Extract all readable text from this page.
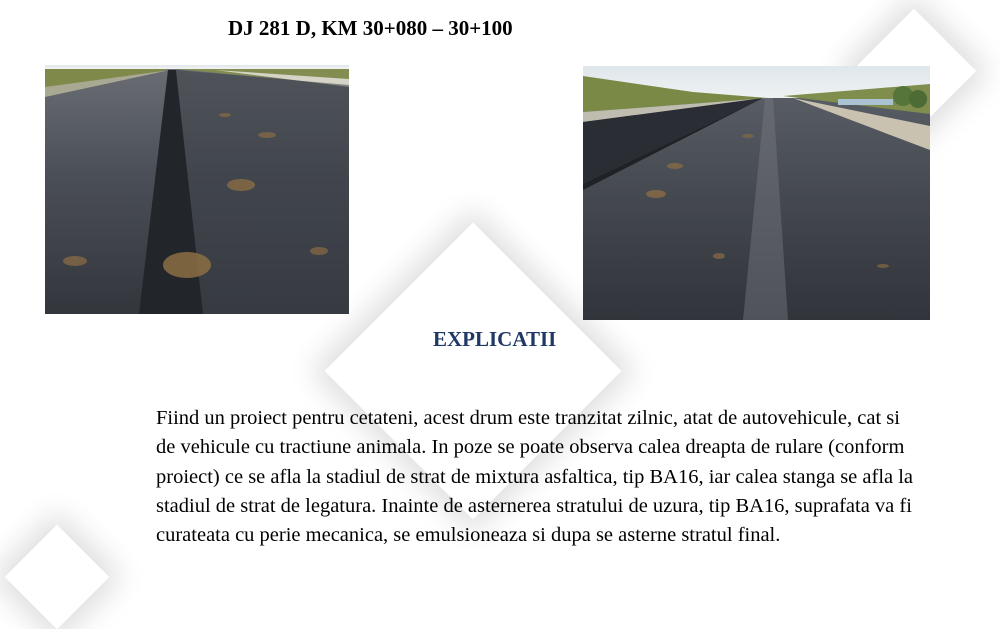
DJ 281 D, KM 30+080 – 30+100
EXPLICATII
Fiind un proiect pentru cetateni, acest drum este tranzitat zilnic, atat de autovehicule, cat si de vehicule cu tractiune animala. In poze se poate observa calea dreapta de rulare (conform proiect) ce se afla la stadiul de strat de mixtura asfaltica, tip BA16, iar calea stanga se afla la stadiul de strat de legatura. Inainte de asternerea stratului de uzura, tip BA16, suprafata va fi curateata cu perie mecanica, se emulsioneaza si dupa se asterne stratul final.
